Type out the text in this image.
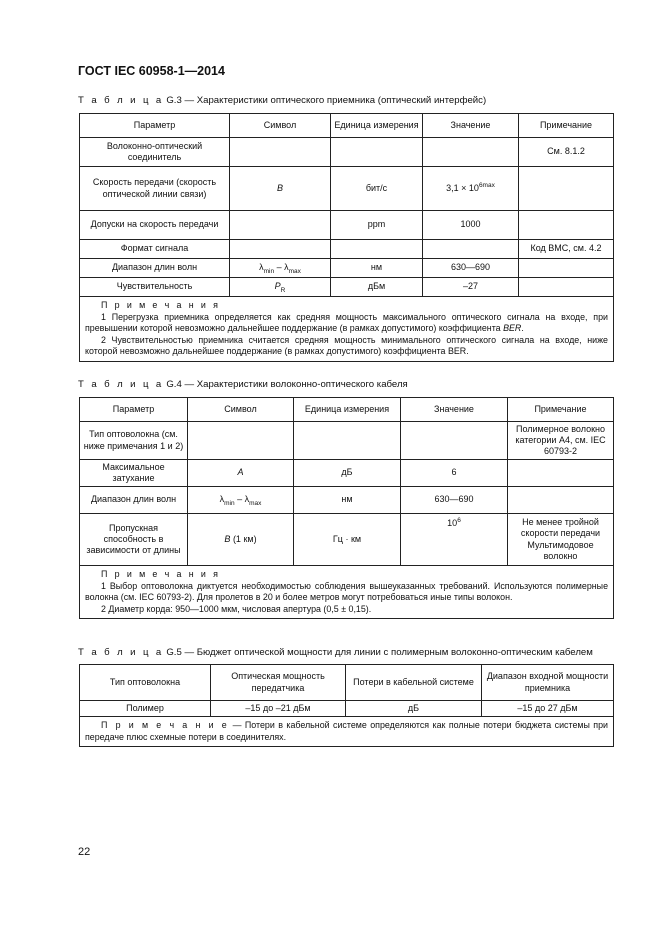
ГОСТ IEC 60958-1—2014
Т а б л и ц а G.3 — Характеристики оптического приемника (оптический интерфейс)
Параметр	Символ	Единица измерения	Значение	Примечание
Волоконно-оптический соединитель				См. 8.1.2
Скорость передачи (скорость оптической линии связи)	B	бит/с	$3,1 \times 10^{6max}$	
Допуски на скорость передачи		ppm	1000	
Формат сигнала				Код BMC, см. 4.2
Диапазон длин волн	$\lambda_{min} - \lambda_{max}$	нм	630—690	
Чувствительность	$P_R$	дБм	–27	

П р и м е ч а н и я
1 Перегрузка приемника определяется как средняя мощность максимального оптического сигнала на входе, при превышении которой невозможно дальнейшее поддержание (в рамках допустимого) коэффициента BER.
2 Чувствительностью приемника считается средняя мощность минимального оптического сигнала на входе, ниже которой невозможно дальнейшее поддержание (в рамках допустимого) коэффициента BER.				
Т а б л и ц а G.4 — Характеристики волоконно-оптического кабеля
Параметр	Символ	Единица измерения	Значение	Примечание
Тип оптоволокна (см. ниже примечания 1 и 2)				Полимерное волокно категории A4, см. IEC 60793-2
Максимальное затухание	A	дБ	6	
Диапазон длин волн	$\lambda_{min} - \lambda_{max}$	нм	630—690	
Пропускная способность в зависимости от длины	B (1 км)	Гц · км	$10^6$	Не менее тройной скорости передачи Мультимодовое волокно

П р и м е ч а н и я
1 Выбор оптоволокна диктуется необходимостью соблюдения вышеуказанных требований. Используются полимерные волокна (см. IEC 60793-2). Для пролетов в 20 и более метров могут потребоваться иные типы волокон.
2 Диаметр корда: 950—1000 мкм, числовая апертура (0,5 ± 0,15).				
Т а б л и ц а G.5 — Бюджет оптической мощности для линии с полимерным волоконно-оптическим кабелем
Тип оптоволокна	Оптическая мощность передатчика	Потери в кабельной системе	Диапазон входной мощности приемника
Полимер	–15 до –21 дБм	дБ	–15 до 27 дБм

П р и м е ч а н и е — Потери в кабельной системе определяются как полные потери бюджета системы при передаче плюс схемные потери в соединителях.			
22
